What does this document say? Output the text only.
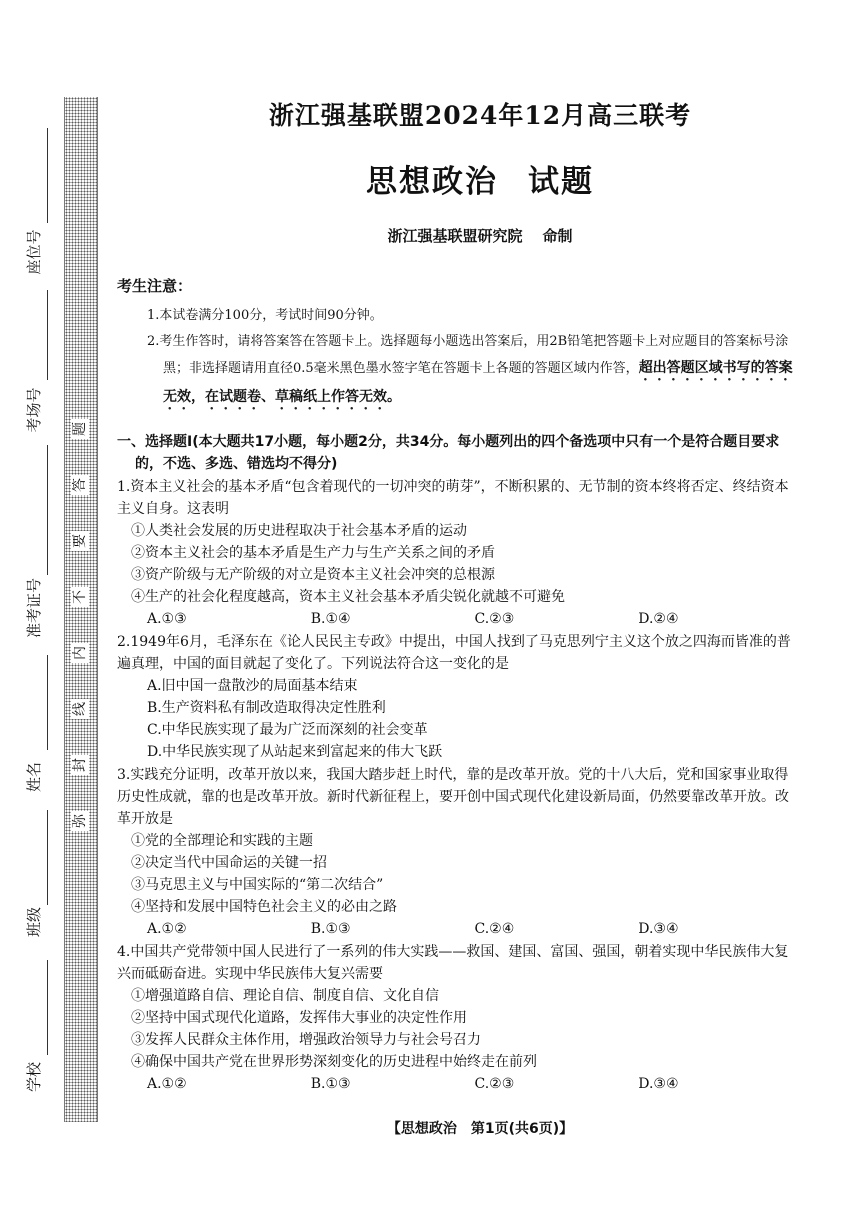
座位号
考场号
准考证号
姓名
班级
学校
弥
封
线
内
不
要
答
题
浙江强基联盟2024年12月高三联考
思想政治 试题
浙江强基联盟研究院 命制
考生注意：
1.本试卷满分100分，考试时间90分钟。
2.考生作答时，请将答案答在答题卡上。选择题每小题选出答案后，用2B铅笔把答题卡上对应题目的答案标号涂黑；非选择题请用直径0.5毫米黑色墨水签字笔在答题卡上各题的答题区域内作答，超出答题区域书写的答案无效，在试题卷、草稿纸上作答无效。
一、选择题Ⅰ(本大题共17小题，每小题2分，共34分。每小题列出的四个备选项中只有一个是符合题目要求的，不选、多选、错选均不得分)
1.资本主义社会的基本矛盾“包含着现代的一切冲突的萌芽”，不断积累的、无节制的资本终将否定、终结资本主义自身。这表明
①人类社会发展的历史进程取决于社会基本矛盾的运动
②资本主义社会的基本矛盾是生产力与生产关系之间的矛盾
③资产阶级与无产阶级的对立是资本主义社会冲突的总根源
④生产的社会化程度越高，资本主义社会基本矛盾尖锐化就越不可避免
A.①③	B.①④	C.②③	D.②④
2.1949年6月，毛泽东在《论人民民主专政》中提出，中国人找到了马克思列宁主义这个放之四海而皆准的普遍真理，中国的面目就起了变化了。下列说法符合这一变化的是
A.旧中国一盘散沙的局面基本结束
B.生产资料私有制改造取得决定性胜利
C.中华民族实现了最为广泛而深刻的社会变革
D.中华民族实现了从站起来到富起来的伟大飞跃
3.实践充分证明，改革开放以来，我国大踏步赶上时代，靠的是改革开放。党的十八大后，党和国家事业取得历史性成就，靠的也是改革开放。新时代新征程上，要开创中国式现代化建设新局面，仍然要靠改革开放。改革开放是
①党的全部理论和实践的主题
②决定当代中国命运的关键一招
③马克思主义与中国实际的“第二次结合”
④坚持和发展中国特色社会主义的必由之路
A.①②	B.①③	C.②④	D.③④
4.中国共产党带领中国人民进行了一系列的伟大实践——救国、建国、富国、强国，朝着实现中华民族伟大复兴而砥砺奋进。实现中华民族伟大复兴需要
①增强道路自信、理论自信、制度自信、文化自信
②坚持中国式现代化道路，发挥伟大事业的决定性作用
③发挥人民群众主体作用，增强政治领导力与社会号召力
④确保中国共产党在世界形势深刻变化的历史进程中始终走在前列
A.①②	B.①③	C.②③	D.③④
【思想政治　第1页(共6页)】
